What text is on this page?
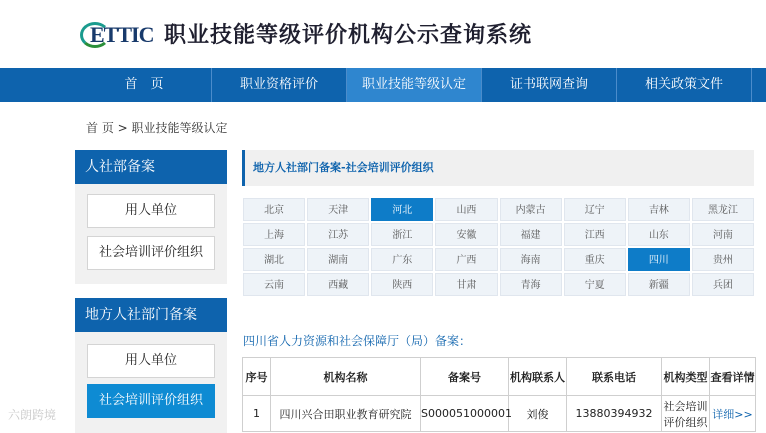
ETTIC 职业技能等级评价机构公示查询系统
首　页	职业资格评价	职业技能等级认定	证书联网查询	相关政策文件
首 页 > 职业技能等级认定
人社部备案
用人单位
社会培训评价组织
地方人社部门备案
用人单位
社会培训评价组织
地方人社部门备案-社会培训评价组织
北京	天津	河北	山西	内蒙古	辽宁	吉林	黑龙江
上海	江苏	浙江	安徽	福建	江西	山东	河南
湖北	湖南	广东	广西	海南	重庆	四川	贵州
云南	西藏	陕西	甘肃	青海	宁夏	新疆	兵团
四川省人力资源和社会保障厅（局）备案：
序号	机构名称	备案号	机构联系人	联系电话	机构类型	查看详情
1	四川兴合田职业教育研究院	S000051000001	刘俊	13880394932	社会培训评价组织	详细>>
六朗跨境
